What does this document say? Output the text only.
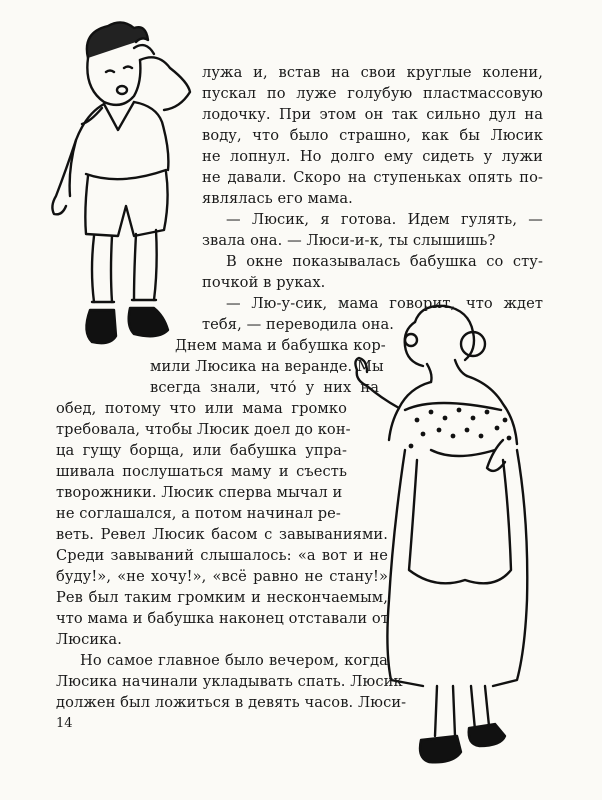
лужа и, встав на свои круглые колени,
пускал по луже голубую пластмассовую
лодочку. При этом он так сильно дул на
воду, что было страшно, как бы Люсик
не лопнул. Но долго ему сидеть у лужи
не давали. Скоро на ступеньках опять по-
являлась его мама.
— Люсик, я готова. Идем гулять, —
звала она. — Люси-и-к, ты слышишь?
В окне показывалась бабушка со сту-
почкой в руках.
— Лю-у-сик, мама говорит, что ждет
тебя, — переводила она.
Днем мама и бабушка кор-
мили Люсика на веранде. Мы
всегда знали, что́ у них на
обед, потому что или мама громко
требовала, чтобы Люсик доел до кон-
ца гущу борща, или бабушка упра-
шивала послушаться маму и съесть
творожники. Люсик сперва мычал и
не соглашался, а потом начинал ре-
веть. Ревел Люсик басом с завываниями.
Среди завываний слышалось: «а вот и не
буду!», «не хочу!», «всё равно не стану!»
Рев был таким громким и нескончаемым,
что мама и бабушка наконец отставали от
Люсика.
Но самое главное было вечером, когда
Люсика начинали укладывать спать. Люсик
должен был ложиться в девять часов. Люси-
14
